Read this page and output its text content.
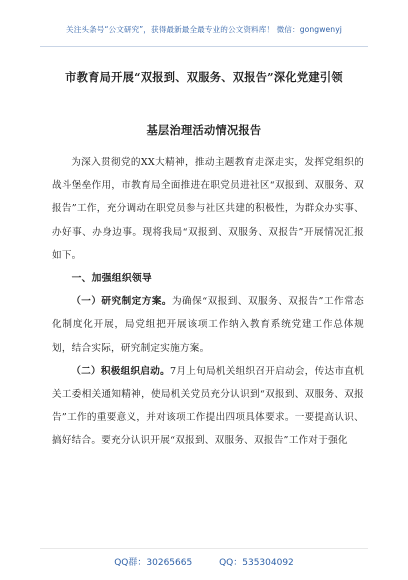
关注头条号“公文研究”，获得最新最全最专业的公文资料库！ 微信：gongwenyj
市教育局开展“双报到、双服务、双报告”深化党建引领
基层治理活动情况报告

为深入贯彻党的XX大精神，推动主题教育走深走实，发挥党组织的战斗堡垒作用，市教育局全面推进在职党员进社区“双报到、双服务、双报告”工作，充分调动在职党员参与社区共建的积极性，为群众办实事、办好事、办身边事。现将我局“双报到、双服务、双报告”开展情况汇报如下。

一、加强组织领导

（一）研究制定方案。为确保“双报到、双服务、双报告”工作常态化制度化开展，局党组把开展该项工作纳入教育系统党建工作总体规划，结合实际，研究制定实施方案。

（二）积极组织启动。7月上旬局机关组织召开启动会，传达市直机关工委相关通知精神，使局机关党员充分认识到“双报到、双服务、双报告”工作的重要意义，并对该项工作提出四项具体要求。一要提高认识、搞好结合。要充分认识开展“双报到、双服务、双报告”工作对于强化

QQ群：30265665	QQ：535304092
